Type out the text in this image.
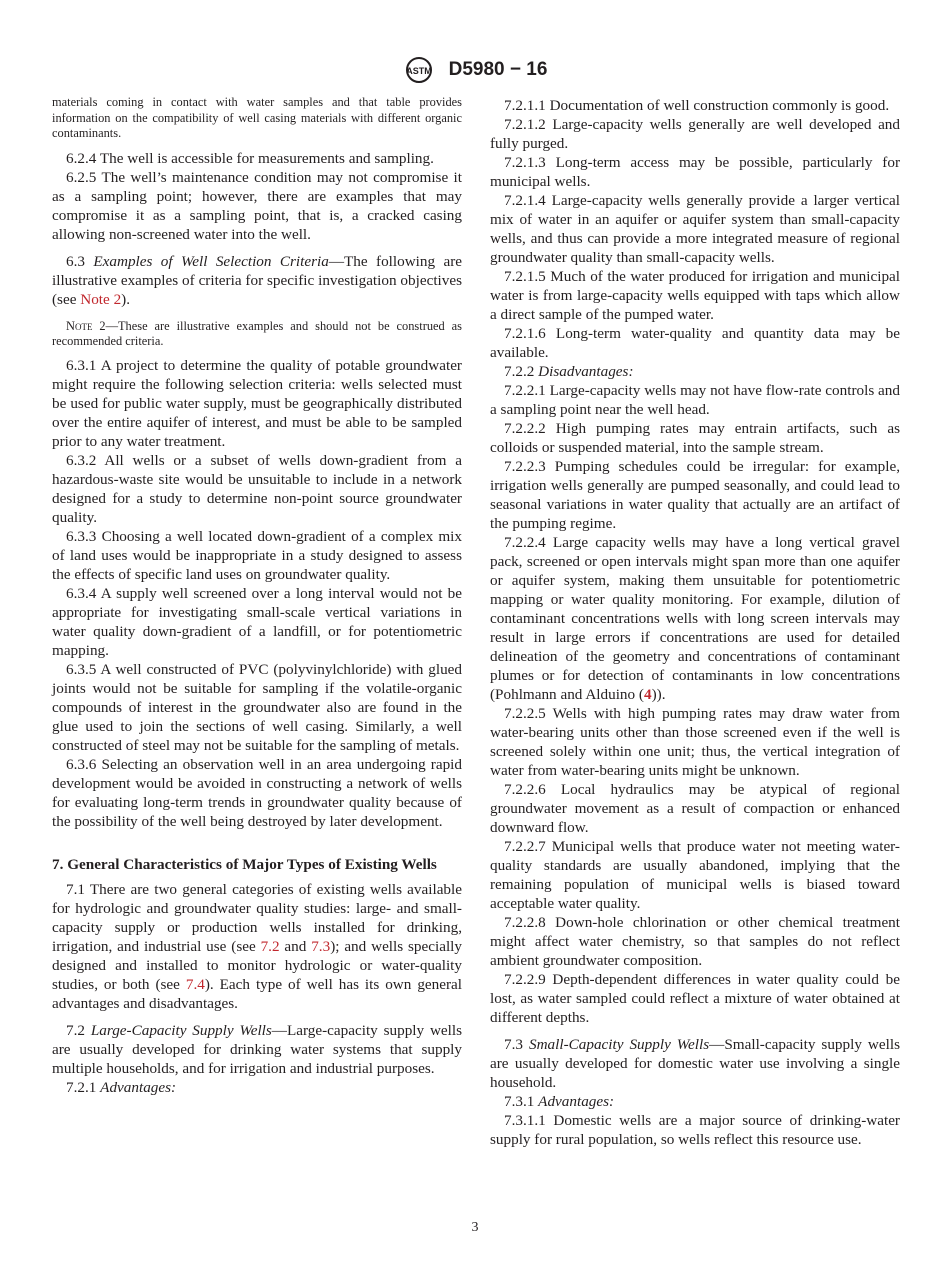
ASTM D5980 − 16

materials coming in contact with water samples and that table provides information on the compatibility of well casing materials with different organic contaminants.

6.2.4 The well is accessible for measurements and sampling.

6.2.5 The well’s maintenance condition may not compromise it as a sampling point; however, there are examples that may compromise it as a sampling point, that is, a cracked casing allowing non-screened water into the well.

6.3 Examples of Well Selection Criteria—The following are illustrative examples of criteria for specific investigation objectives (see Note 2).

Note 2—These are illustrative examples and should not be construed as recommended criteria.

6.3.1 A project to determine the quality of potable groundwater might require the following selection criteria: wells selected must be used for public water supply, must be geographically distributed over the entire aquifer of interest, and must be able to be sampled prior to any water treatment.

6.3.2 All wells or a subset of wells down-gradient from a hazardous-waste site would be unsuitable to include in a network designed for a study to determine non-point source groundwater quality.

6.3.3 Choosing a well located down-gradient of a complex mix of land uses would be inappropriate in a study designed to assess the effects of specific land uses on groundwater quality.

6.3.4 A supply well screened over a long interval would not be appropriate for investigating small-scale vertical variations in water quality down-gradient of a landfill, or for potentiometric mapping.

6.3.5 A well constructed of PVC (polyvinylchloride) with glued joints would not be suitable for sampling if the volatile-organic compounds of interest in the groundwater also are found in the glue used to join the sections of well casing. Similarly, a well constructed of steel may not be suitable for the sampling of metals.

6.3.6 Selecting an observation well in an area undergoing rapid development would be avoided in constructing a network of wells for evaluating long-term trends in groundwater quality because of the possibility of the well being destroyed by later development.

7. General Characteristics of Major Types of Existing Wells

7.1 There are two general categories of existing wells available for hydrologic and groundwater quality studies: large- and small-capacity supply or production wells installed for drinking, irrigation, and industrial use (see 7.2 and 7.3); and wells specially designed and installed to monitor hydrologic or water-quality studies, or both (see 7.4). Each type of well has its own general advantages and disadvantages.

7.2 Large-Capacity Supply Wells—Large-capacity supply wells are usually developed for drinking water systems that supply multiple households, and for irrigation and industrial purposes.

7.2.1 Advantages:

7.2.1.1 Documentation of well construction commonly is good.

7.2.1.2 Large-capacity wells generally are well developed and fully purged.

7.2.1.3 Long-term access may be possible, particularly for municipal wells.

7.2.1.4 Large-capacity wells generally provide a larger vertical mix of water in an aquifer or aquifer system than small-capacity wells, and thus can provide a more integrated measure of regional groundwater quality than small-capacity wells.

7.2.1.5 Much of the water produced for irrigation and municipal water is from large-capacity wells equipped with taps which allow a direct sample of the pumped water.

7.2.1.6 Long-term water-quality and quantity data may be available.

7.2.2 Disadvantages:

7.2.2.1 Large-capacity wells may not have flow-rate controls and a sampling point near the well head.

7.2.2.2 High pumping rates may entrain artifacts, such as colloids or suspended material, into the sample stream.

7.2.2.3 Pumping schedules could be irregular: for example, irrigation wells generally are pumped seasonally, and could lead to seasonal variations in water quality that actually are an artifact of the pumping regime.

7.2.2.4 Large capacity wells may have a long vertical gravel pack, screened or open intervals might span more than one aquifer or aquifer system, making them unsuitable for potentiometric mapping or water quality monitoring. For example, dilution of contaminant concentrations wells with long screen intervals may result in large errors if concentrations are used for detailed delineation of the geometry and concentrations of contaminant plumes or for detection of contaminants in low concentrations (Pohlmann and Alduino (4)).

7.2.2.5 Wells with high pumping rates may draw water from water-bearing units other than those screened even if the well is screened solely within one unit; thus, the vertical integration of water from water-bearing units might be unknown.

7.2.2.6 Local hydraulics may be atypical of regional groundwater movement as a result of compaction or enhanced downward flow.

7.2.2.7 Municipal wells that produce water not meeting water-quality standards are usually abandoned, implying that the remaining population of municipal wells is biased toward acceptable water quality.

7.2.2.8 Down-hole chlorination or other chemical treatment might affect water chemistry, so that samples do not reflect ambient groundwater composition.

7.2.2.9 Depth-dependent differences in water quality could be lost, as water sampled could reflect a mixture of water obtained at different depths.

7.3 Small-Capacity Supply Wells—Small-capacity supply wells are usually developed for domestic water use involving a single household.

7.3.1 Advantages:

7.3.1.1 Domestic wells are a major source of drinking-water supply for rural population, so wells reflect this resource use.

3
